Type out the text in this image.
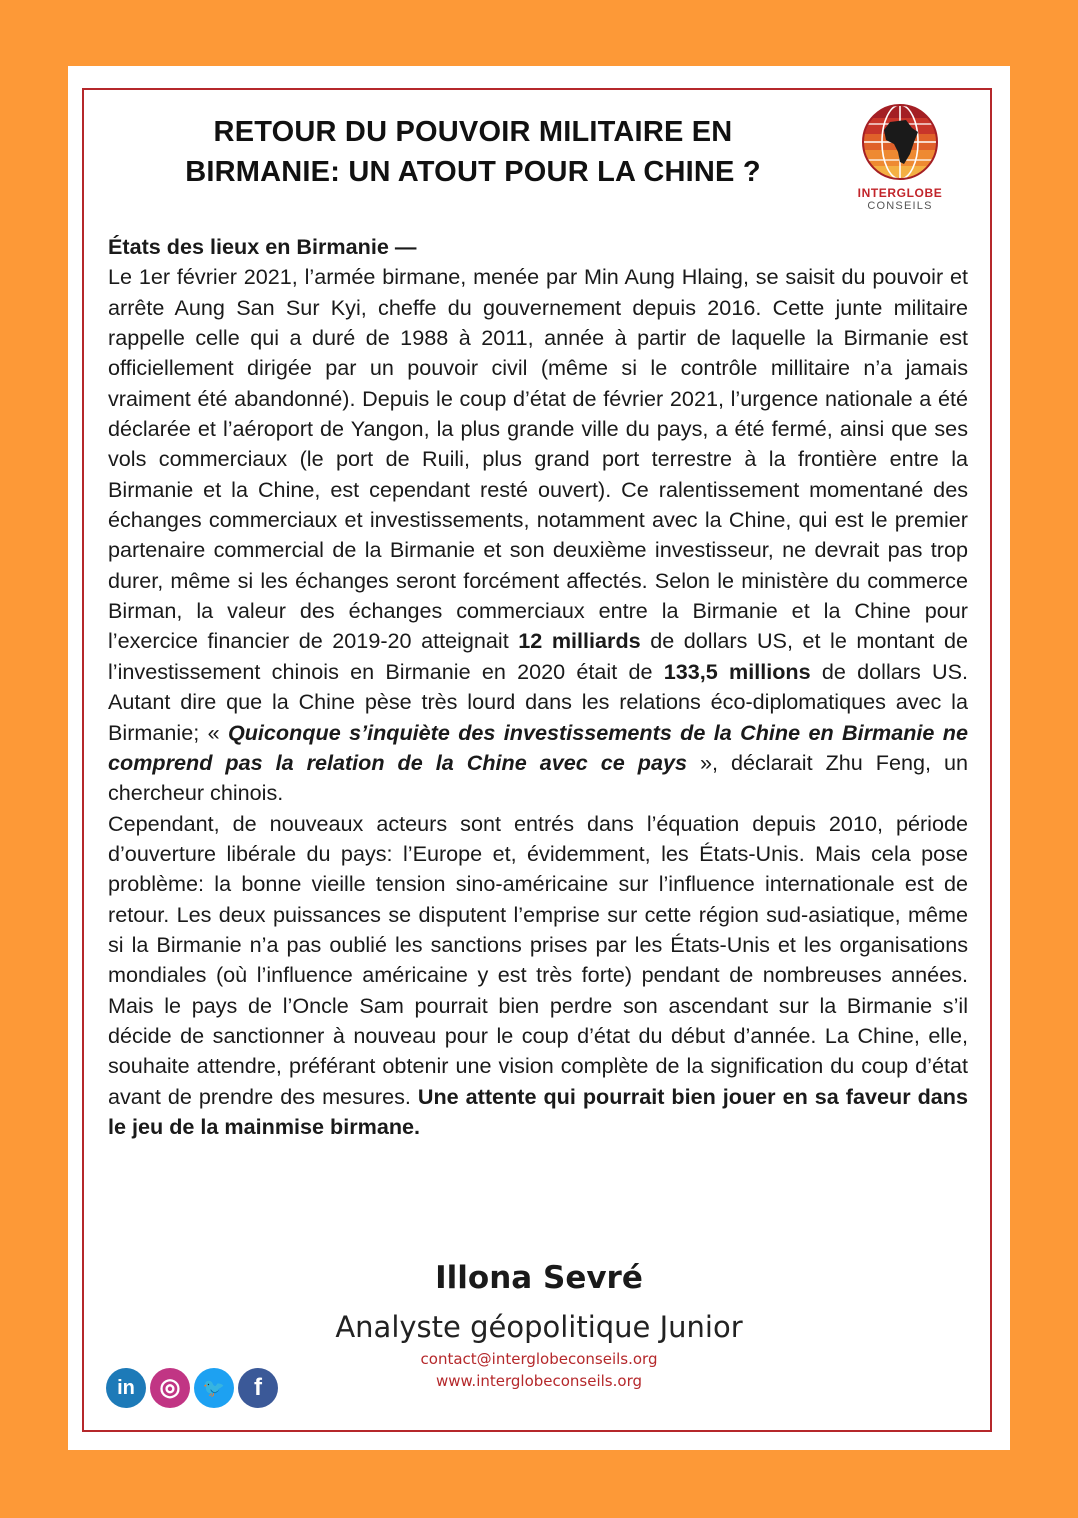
RETOUR DU POUVOIR MILITAIRE EN
BIRMANIE: UN ATOUT POUR LA CHINE ?
INTERGLOBE
CONSEILS

États des lieux en Birmanie —

Le 1er février 2021, l’armée birmane, menée par Min Aung Hlaing, se saisit du pouvoir et arrête Aung San Sur Kyi, cheffe du gouvernement depuis 2016. Cette junte militaire rappelle celle qui a duré de 1988 à 2011, année à partir de laquelle la Birmanie est officiellement dirigée par un pouvoir civil (même si le contrôle millitaire n’a jamais vraiment été abandonné). Depuis le coup d’état de février 2021, l’urgence nationale a été déclarée et l’aéroport de Yangon, la plus grande ville du pays, a été fermé, ainsi que ses vols commerciaux (le port de Ruili, plus grand port terrestre à la frontière entre la Birmanie et la Chine, est cependant resté ouvert). Ce ralentissement momentané des échanges commerciaux et investissements, notamment avec la Chine, qui est le premier partenaire commercial de la Birmanie et son deuxième investisseur, ne devrait pas trop durer, même si les échanges seront forcément affectés. Selon le ministère du commerce Birman, la valeur des échanges commerciaux entre la Birmanie et la Chine pour l’exercice financier de 2019-20 atteignait 12 milliards de dollars US, et le montant de l’investissement chinois en Birmanie en 2020 était de 133,5 millions de dollars US. Autant dire que la Chine pèse très lourd dans les relations éco-diplomatiques avec la Birmanie; « Quiconque s’inquiète des investissements de la Chine en Birmanie ne comprend pas la relation de la Chine avec ce pays », déclarait Zhu Feng, un chercheur chinois.

Cependant, de nouveaux acteurs sont entrés dans l’équation depuis 2010, période d’ouverture libérale du pays: l’Europe et, évidemment, les États-Unis. Mais cela pose problème: la bonne vieille tension sino-américaine sur l’influence internationale est de retour. Les deux puissances se disputent l’emprise sur cette région sud-asiatique, même si la Birmanie n’a pas oublié les sanctions prises par les États-Unis et les organisations mondiales (où l’influence américaine y est très forte) pendant de nombreuses années. Mais le pays de l’Oncle Sam pourrait bien perdre son ascendant sur la Birmanie s’il décide de sanctionner à nouveau pour le coup d’état du début d’année. La Chine, elle, souhaite attendre, préférant obtenir une vision complète de la signification du coup d’état avant de prendre des mesures. Une attente qui pourrait bien jouer en sa faveur dans le jeu de la mainmise birmane.

Illona Sevré
Analyste géopolitique Junior
contact@interglobeconseils.org
www.interglobeconseils.org
in	◎	🐦	f
